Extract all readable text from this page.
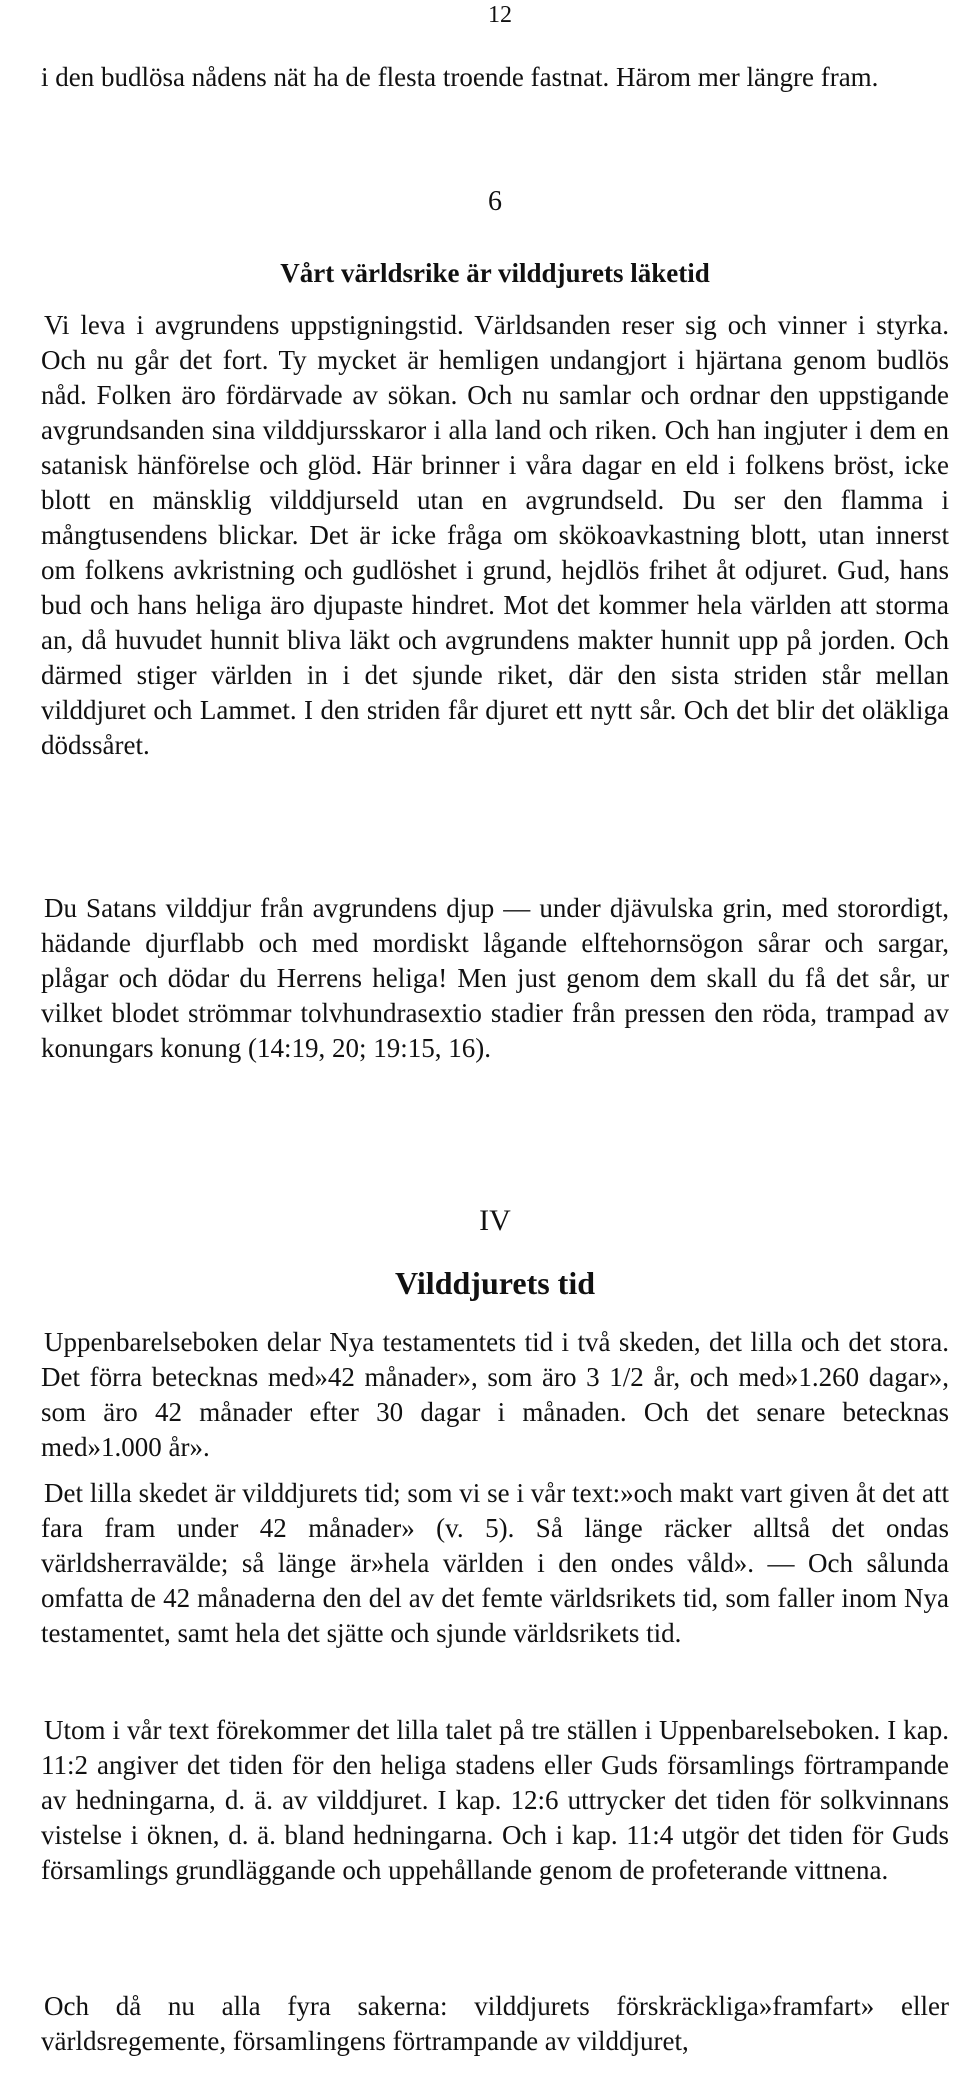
12

i den budlösa nådens nät ha de flesta troende fastnat. Härom mer längre fram.

6
Vårt världsrike är vilddjurets läketid

Vi leva i avgrundens uppstigningstid. Världsanden reser sig och vinner i styrka. Och nu går det fort. Ty mycket är hemligen undangjort i hjärtana genom budlös nåd. Folken äro fördärvade av sökan. Och nu samlar och ordnar den uppstigande avgrundsanden sina vilddjursskaror i alla land och riken. Och han ingjuter i dem en satanisk hänförelse och glöd. Här brinner i våra dagar en eld i folkens bröst, icke blott en mänsklig vilddjurseld utan en avgrundseld. Du ser den flamma i mångtusendens blickar. Det är icke fråga om skökoavkastning blott, utan innerst om folkens avkristning och gudlöshet i grund, hejdlös frihet åt odjuret. Gud, hans bud och hans heliga äro djupaste hindret. Mot det kommer hela världen att storma an, då huvudet hunnit bliva läkt och avgrundens makter hunnit upp på jorden. Och därmed stiger världen in i det sjunde riket, där den sista striden står mellan vilddjuret och Lammet. I den striden får djuret ett nytt sår. Och det blir det oläkliga dödssåret.

Du Satans vilddjur från avgrundens djup — under djävulska grin, med storordigt, hädande djurflabb och med mordiskt lågande elftehornsögon sårar och sargar, plågar och dödar du Herrens heliga! Men just genom dem skall du få det sår, ur vilket blodet strömmar tolvhundrasextio stadier från pressen den röda, trampad av konungars konung (14:19, 20; 19:15, 16).

IV
Vilddjurets tid

Uppenbarelseboken delar Nya testamentets tid i två skeden, det lilla och det stora. Det förra betecknas med»42 månader», som äro 3 1/2 år, och med»1.260 dagar», som äro 42 månader efter 30 dagar i månaden. Och det senare betecknas med»1.000 år».

Det lilla skedet är vilddjurets tid; som vi se i vår text:»och makt vart given åt det att fara fram under 42 månader» (v. 5). Så länge räcker alltså det ondas världsherravälde; så länge är»hela världen i den ondes våld». — Och sålunda omfatta de 42 månaderna den del av det femte världsrikets tid, som faller inom Nya testamentet, samt hela det sjätte och sjunde världsrikets tid.

Utom i vår text förekommer det lilla talet på tre ställen i Uppenbarelseboken. I kap. 11:2 angiver det tiden för den heliga stadens eller Guds församlings förtrampande av hedningarna, d. ä. av vilddjuret. I kap. 12:6 uttrycker det tiden för solkvinnans vistelse i öknen, d. ä. bland hedningarna. Och i kap. 11:4 utgör det tiden för Guds församlings grundläggande och uppehållande genom de profeterande vittnena.

Och då nu alla fyra sakerna: vilddjurets förskräckliga»framfart» eller världsregemente, församlingens förtrampande av vilddjuret,
